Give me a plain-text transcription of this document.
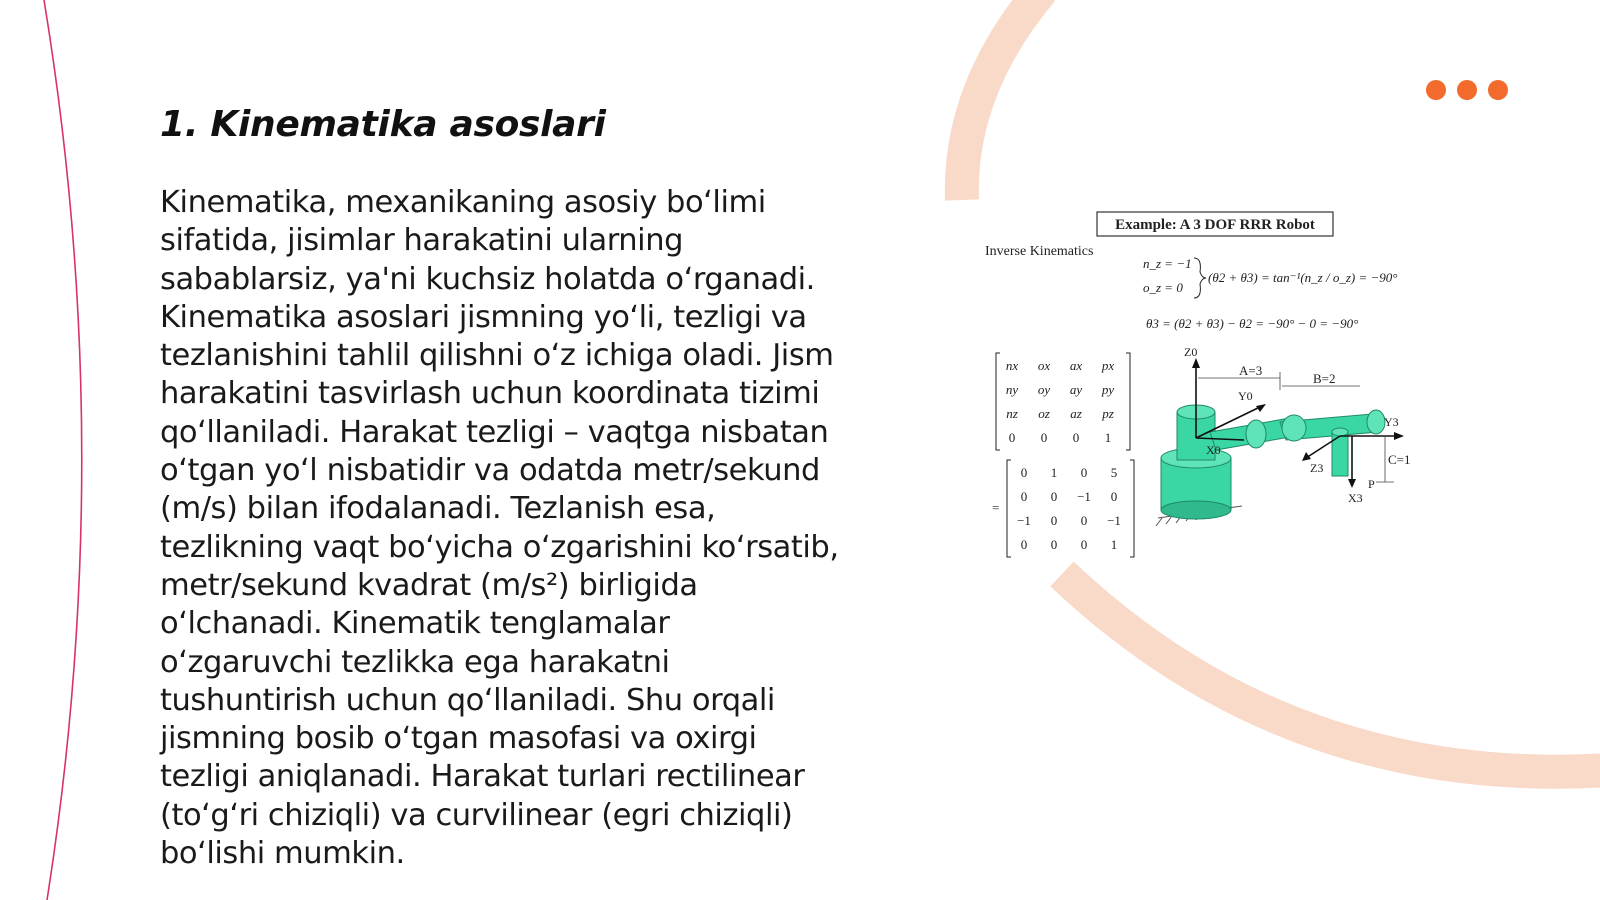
1. Kinematika asoslari

Kinematika, mexanikaning asosiy bo‘limi sifatida, jisimlar harakatini ularning sabablarsiz, ya'ni kuchsiz holatda o‘rganadi. Kinematika asoslari jismning yo‘li, tezligi va tezlanishini tahlil qilishni o‘z ichiga oladi. Jism harakatini tasvirlash uchun koordinata tizimi qo‘llaniladi. Harakat tezligi – vaqtga nisbatan o‘tgan yo‘l nisbatidir va odatda metr/sekund (m/s) bilan ifodalanadi. Tezlanish esa, tezlikning vaqt bo‘yicha o‘zgarishini ko‘rsatib, metr/sekund kvadrat (m/s²) birligida o‘lchanadi. Kinematik tenglamalar o‘zgaruvchi tezlikka ega harakatni tushuntirish uchun qo‘llaniladi. Shu orqali jismning bosib o‘tgan masofasi va oxirgi tezligi aniqlanadi. Harakat turlari rectilinear (to‘g‘ri chiziqli) va curvilinear (egri chiziqli) bo‘lishi mumkin.

Example: A 3 DOF RRR Robot
Inverse Kinematics
n_z = −1
o_z = 0
(θ2 + θ3) = tan⁻¹(n_z / o_z) = −90°
θ3 = (θ2 + θ3) − θ2 = −90° − 0 = −90°
nx ox ax px
ny oy ay py
nz oz az pz
0 0 0 1
0 1 0 5
0 0 −1 0
−1 0 0 −1
0 0 0 1
=
Z0
Y0
X0
A=3
B=2
C=1
Y3
Z3
X3
P
